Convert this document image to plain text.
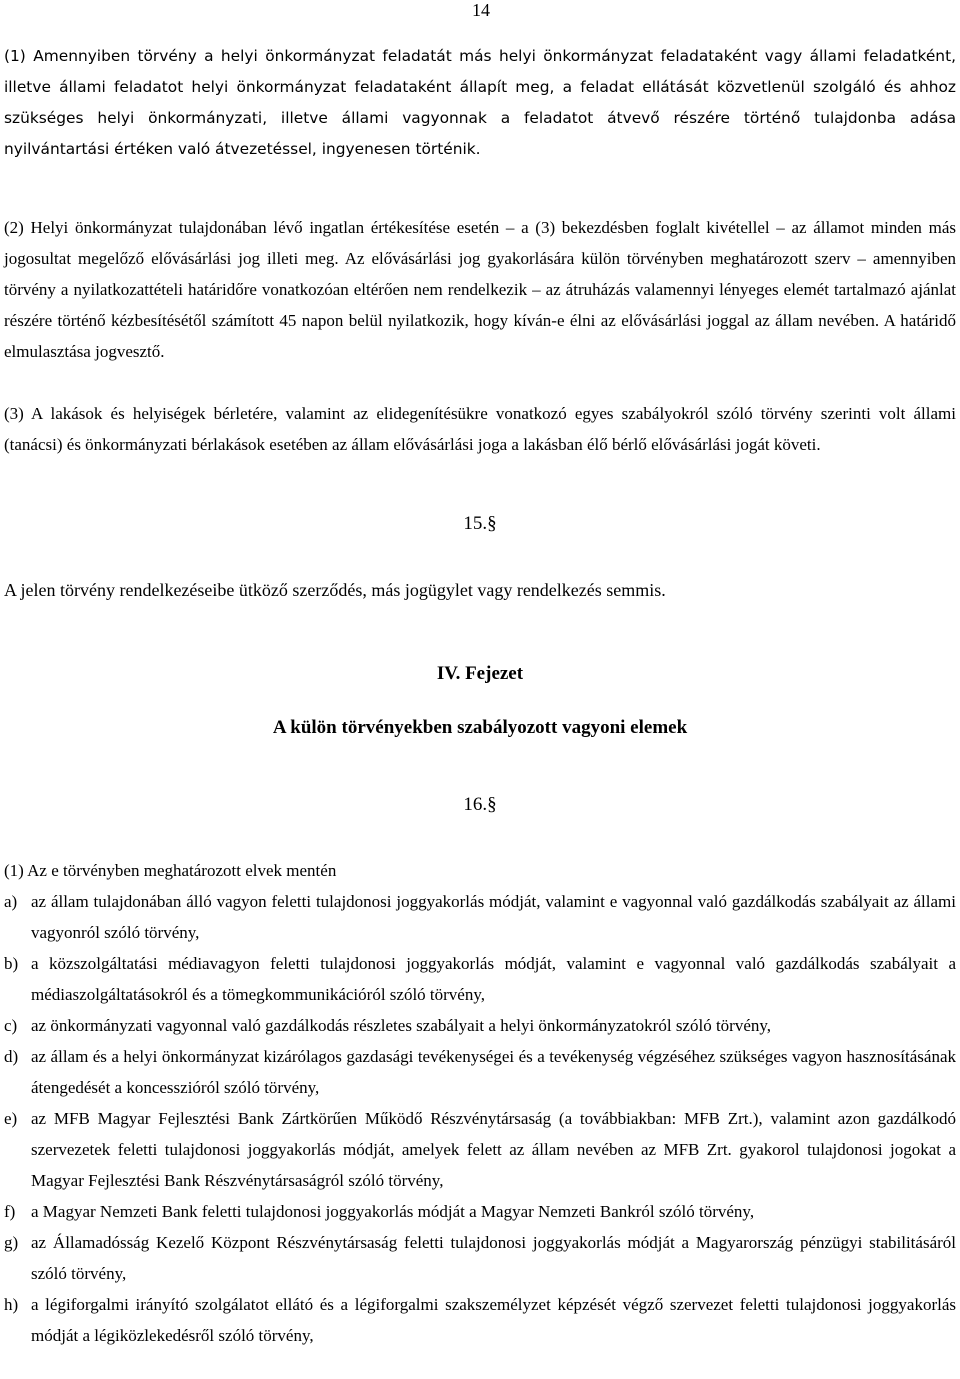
14
(1) Amennyiben törvény a helyi önkormányzat feladatát más helyi önkormányzat feladataként vagy állami feladatként, illetve állami feladatot helyi önkormányzat feladataként állapít meg, a feladat ellátását közvetlenül szolgáló és ahhoz szükséges helyi önkormányzati, illetve állami vagyonnak a feladatot átvevő részére történő tulajdonba adása nyilvántartási értéken való átvezetéssel, ingyenesen történik.
(2) Helyi önkormányzat tulajdonában lévő ingatlan értékesítése esetén ‒ a (3) bekezdésben foglalt kivétellel ‒ az államot minden más jogosultat megelőző elővásárlási jog illeti meg. Az elővásárlási jog gyakorlására külön törvényben meghatározott szerv ‒ amennyiben törvény a nyilatkozattételi határidőre vonatkozóan eltérően nem rendelkezik ‒ az átruházás valamennyi lényeges elemét tartalmazó ajánlat részére történő kézbesítésétől számított 45 napon belül nyilatkozik, hogy kíván-e élni az elővásárlási joggal az állam nevében. A határidő elmulasztása jogvesztő.
(3) A lakások és helyiségek bérletére, valamint az elidegenítésükre vonatkozó egyes szabályokról szóló törvény szerinti volt állami (tanácsi) és önkormányzati bérlakások esetében az állam elővásárlási joga a lakásban élő bérlő elővásárlási jogát követi.
15.§
A jelen törvény rendelkezéseibe ütköző szerződés, más jogügylet vagy rendelkezés semmis.
IV. Fejezet
A külön törvényekben szabályozott vagyoni elemek
16.§
(1) Az e törvényben meghatározott elvek mentén
a) az állam tulajdonában álló vagyon feletti tulajdonosi joggyakorlás módját, valamint e vagyonnal való gazdálkodás szabályait az állami vagyonról szóló törvény,
b) a közszolgáltatási médiavagyon feletti tulajdonosi joggyakorlás módját, valamint e vagyonnal való gazdálkodás szabályait a médiaszolgáltatásokról és a tömegkommunikációról szóló törvény,
c) az önkormányzati vagyonnal való gazdálkodás részletes szabályait a helyi önkormányzatokról szóló törvény,
d) az állam és a helyi önkormányzat kizárólagos gazdasági tevékenységei és a tevékenység végzéséhez szükséges vagyon hasznosításának átengedését a koncesszióról szóló törvény,
e) az MFB Magyar Fejlesztési Bank Zártkörűen Működő Részvénytársaság (a továbbiakban: MFB Zrt.), valamint azon gazdálkodó szervezetek feletti tulajdonosi joggyakorlás módját, amelyek felett az állam nevében az MFB Zrt. gyakorol tulajdonosi jogokat a Magyar Fejlesztési Bank Részvénytársaságról szóló törvény,
f) a Magyar Nemzeti Bank feletti tulajdonosi joggyakorlás módját a Magyar Nemzeti Bankról szóló törvény,
g) az Államadósság Kezelő Központ Részvénytársaság feletti tulajdonosi joggyakorlás módját a Magyarország pénzügyi stabilitásáról szóló törvény,
h) a légiforgalmi irányító szolgálatot ellátó és a légiforgalmi szakszemélyzet képzését végző szervezet feletti tulajdonosi joggyakorlás módját a légiközlekedésről szóló törvény,
